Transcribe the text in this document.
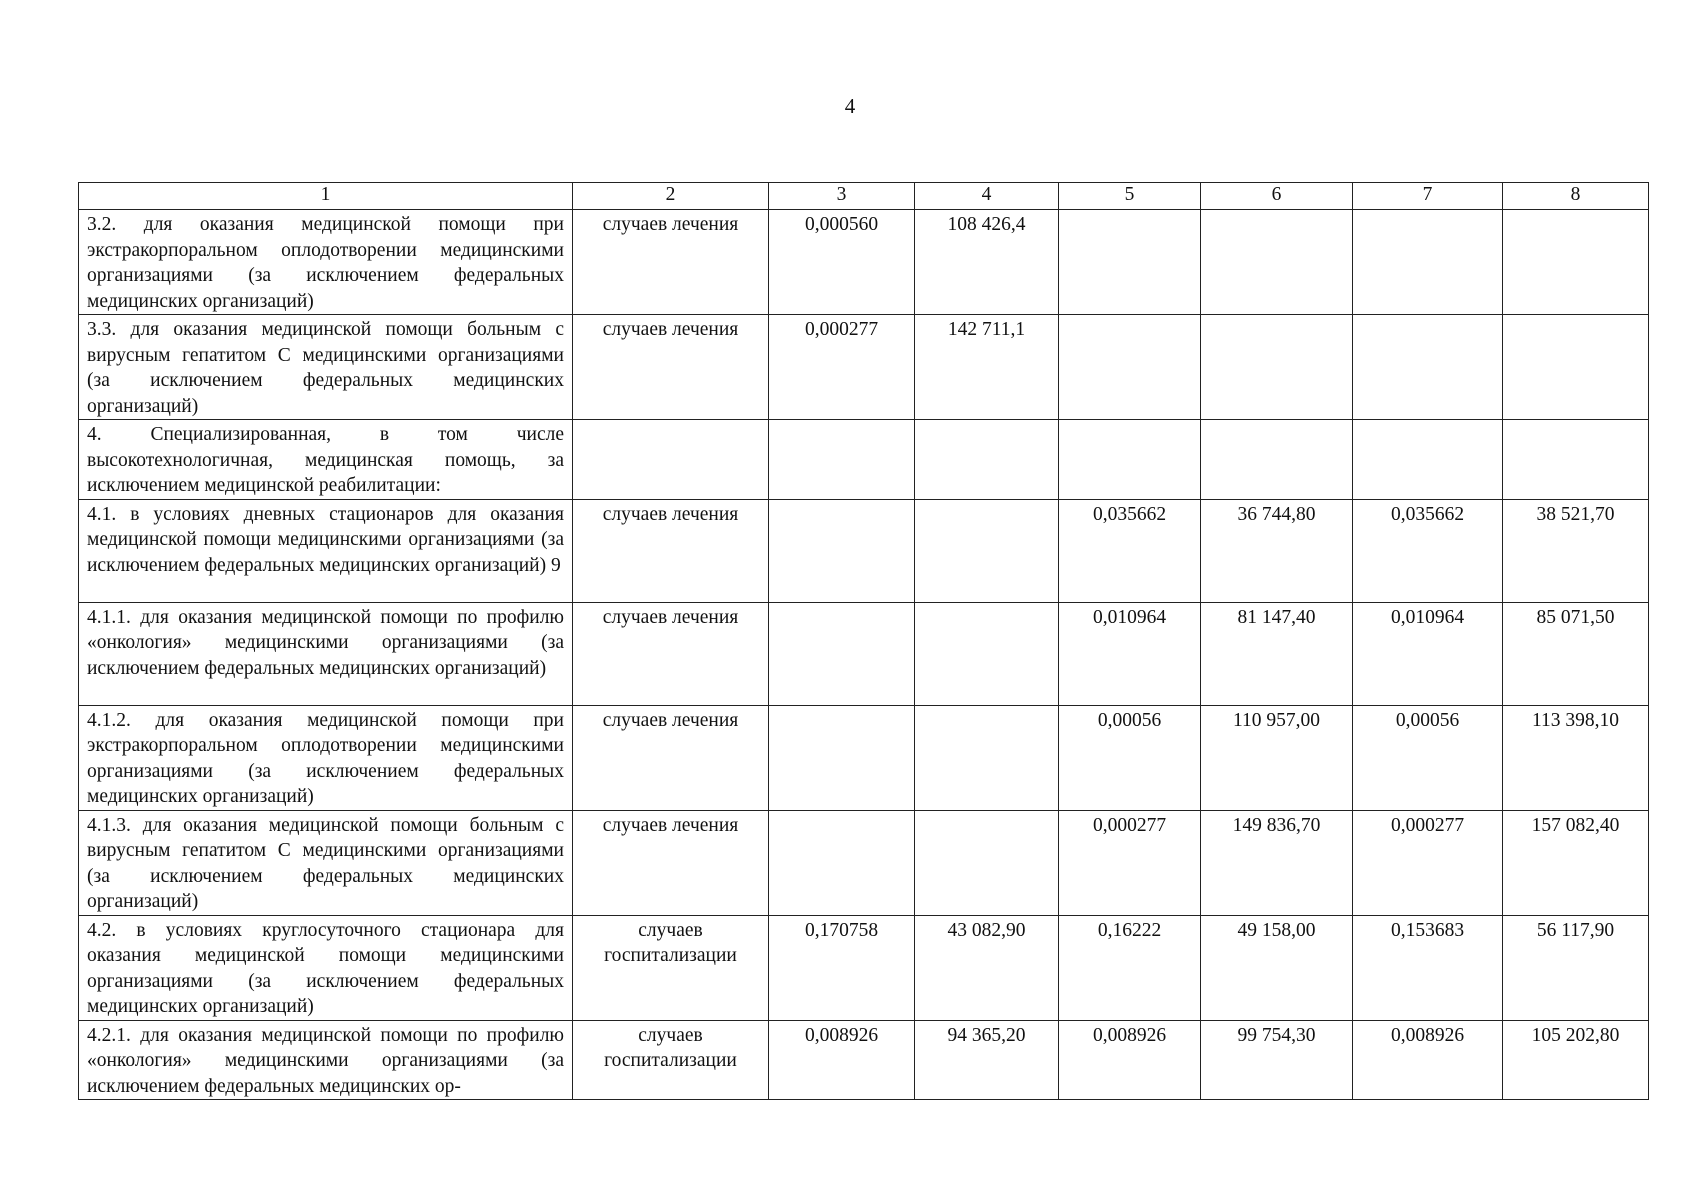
4
1	2	3	4	5	6	7	8
3.2. для оказания медицинской помощи при экстракорпоральном оплодотворении медицинскими организациями (за исключением федеральных медицинских организаций)	случаев лечения	0,000560	108 426,4				
3.3. для оказания медицинской помощи больным с вирусным гепатитом С медицинскими организациями (за исключением федеральных медицинских организаций)	случаев лечения	0,000277	142 711,1				
4. Специализированная, в том числе высокотехнологичная, медицинская помощь, за исключением медицинской реабилитации:	

4.1. в условиях дневных стационаров для оказания медицинской помощи медицинскими организациями (за исключением федеральных медицинских организаций) 9	случаев лечения			0,035662	36 744,80	0,035662	38 521,70
4.1.1. для оказания медицинской помощи по профилю «онкология» медицинскими организациями (за исключением федеральных медицинских организаций)	случаев лечения			0,010964	81 147,40	0,010964	85 071,50
4.1.2. для оказания медицинской помощи при экстракорпоральном оплодотворении медицинскими организациями (за исключением федеральных медицинских организаций)	случаев лечения			0,00056	110 957,00	0,00056	113 398,10
4.1.3. для оказания медицинской помощи больным с вирусным гепатитом С медицинскими организациями (за исключением федеральных медицинских организаций)	случаев лечения			0,000277	149 836,70	0,000277	157 082,40
4.2. в условиях круглосуточного стационара для оказания медицинской помощи медицинскими организациями (за исключением федеральных медицинских организаций)	случаев госпитализации	0,170758	43 082,90	0,16222	49 158,00	0,153683	56 117,90
4.2.1. для оказания медицинской помощи по профилю «онкология» медицинскими организациями (за исключением федеральных медицинских ор-	случаев госпитализации	0,008926	94 365,20	0,008926	99 754,30	0,008926	105 202,80
